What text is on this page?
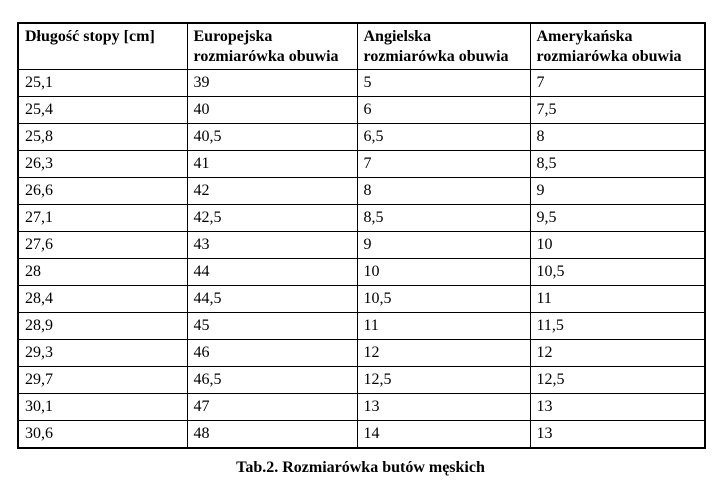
Długość stopy [cm]	Europejska rozmiarówka obuwia	Angielska rozmiarówka obuwia	Amerykańska rozmiarówka obuwia
25,1	39	5	7
25,4	40	6	7,5
25,8	40,5	6,5	8
26,3	41	7	8,5
26,6	42	8	9
27,1	42,5	8,5	9,5
27,6	43	9	10
28	44	10	10,5
28,4	44,5	10,5	11
28,9	45	11	11,5
29,3	46	12	12
29,7	46,5	12,5	12,5
30,1	47	13	13
30,6	48	14	13
Tab.2. Rozmiarówka butów męskich
